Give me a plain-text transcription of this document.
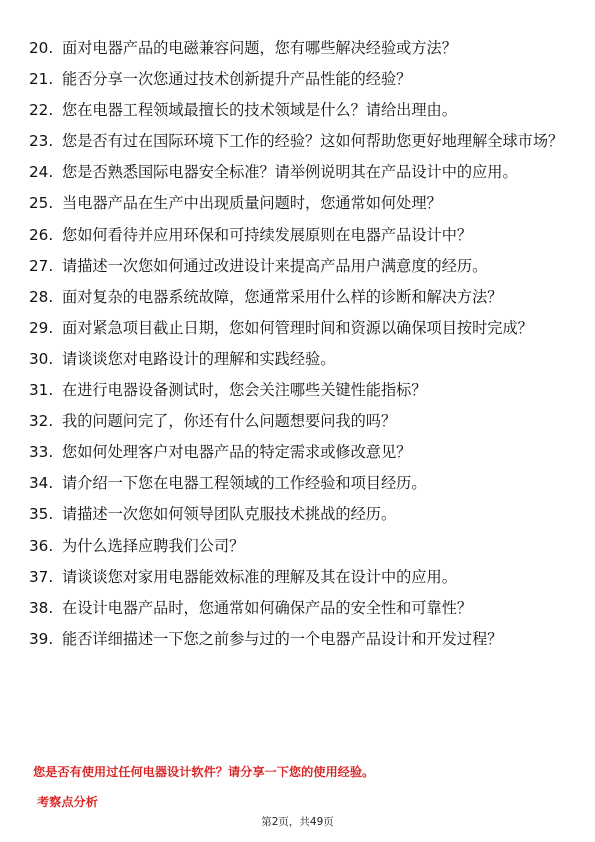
20. 面对电器产品的电磁兼容问题，您有哪些解决经验或方法？
21. 能否分享一次您通过技术创新提升产品性能的经验？
22. 您在电器工程领域最擅长的技术领域是什么？请给出理由。
23. 您是否有过在国际环境下工作的经验？这如何帮助您更好地理解全球市场？
24. 您是否熟悉国际电器安全标准？请举例说明其在产品设计中的应用。
25. 当电器产品在生产中出现质量问题时，您通常如何处理？
26. 您如何看待并应用环保和可持续发展原则在电器产品设计中？
27. 请描述一次您如何通过改进设计来提高产品用户满意度的经历。
28. 面对复杂的电器系统故障，您通常采用什么样的诊断和解决方法？
29. 面对紧急项目截止日期，您如何管理时间和资源以确保项目按时完成？
30. 请谈谈您对电路设计的理解和实践经验。
31. 在进行电器设备测试时，您会关注哪些关键性能指标？
32. 我的问题问完了，你还有什么问题想要问我的吗？
33. 您如何处理客户对电器产品的特定需求或修改意见？
34. 请介绍一下您在电器工程领域的工作经验和项目经历。
35. 请描述一次您如何领导团队克服技术挑战的经历。
36. 为什么选择应聘我们公司？
37. 请谈谈您对家用电器能效标准的理解及其在设计中的应用。
38. 在设计电器产品时，您通常如何确保产品的安全性和可靠性？
39. 能否详细描述一下您之前参与过的一个电器产品设计和开发过程？
您是否有使用过任何电器设计软件？请分享一下您的使用经验。
考察点分析
第2页，共49页
